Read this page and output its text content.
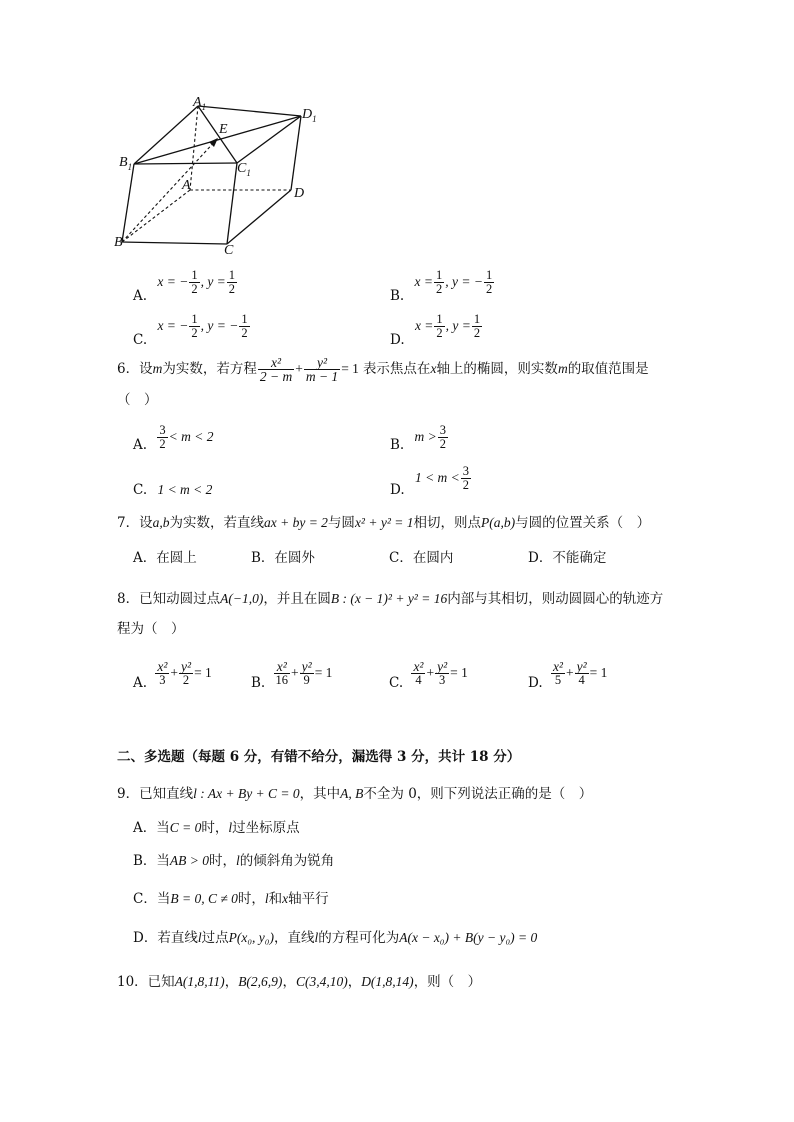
$A_1$
$D_1$
E
$B_1$	$C_1$
A
D
B
C
A. x = − $\frac{1}{2}$ , $y = \frac{1}{2}$	B. $x = \frac{1}{2}$ , y = − $\frac{1}{2}$
C. x = − $\frac{1}{2}$ , y = − $\frac{1}{2}$	D. $x = \frac{1}{2}$ , $y = \frac{1}{2}$
6．设m为实数，若方程 $\frac{\text{x²}}{2 - m} + \frac{\text{y²}}{m - 1} = 1$ 表示焦点在x轴上的椭圆，则实数m的取值范围是
（　）
A. $\frac{3}{2} < m < 2$
B. $m > \frac{3}{2}$
C. 1 < m < 2	D. $1 < m < \frac{3}{2}$
7．设a,b为实数，若直线ax + by = 2与圆x² + y² = 1相切，则点P(a,b)与圆的位置关系（　）
A．在圆上	B．在圆外	C．在圆内	D．不能确定
8．已知动圆过点A(−1,0)，并且在圆B : (x − 1)² + y² = 16内部与其相切，则动圆圆心的轨迹方
程为（　）
A. $\frac{\text{x²}}{3} + \frac{\text{y²}}{2} = 1$
B. $\frac{\text{x²}}{16} + \frac{\text{y²}}{9} = 1$
C. $\frac{\text{x²}}{4} + \frac{\text{y²}}{3} = 1$
D. $\frac{\text{x²}}{5} + \frac{\text{y²}}{4} = 1$
二、多选题（每题 6 分，有错不给分，漏选得 3 分，共计 18 分）
9．已知直线l : Ax + By + C = 0，其中A, B不全为 0，则下列说法正确的是（　）
A．当C = 0时，l过坐标原点
B．当AB > 0时，l的倾斜角为锐角
C．当B = 0, C ≠ 0时，l和x轴平行
D．若直线l过点P(x₀, y₀)，直线l的方程可化为A(x − x₀) + B(y − y₀) = 0
10．已知A(1,8,11)，B(2,6,9)，C(3,4,10)，D(1,8,14)，则（　）
